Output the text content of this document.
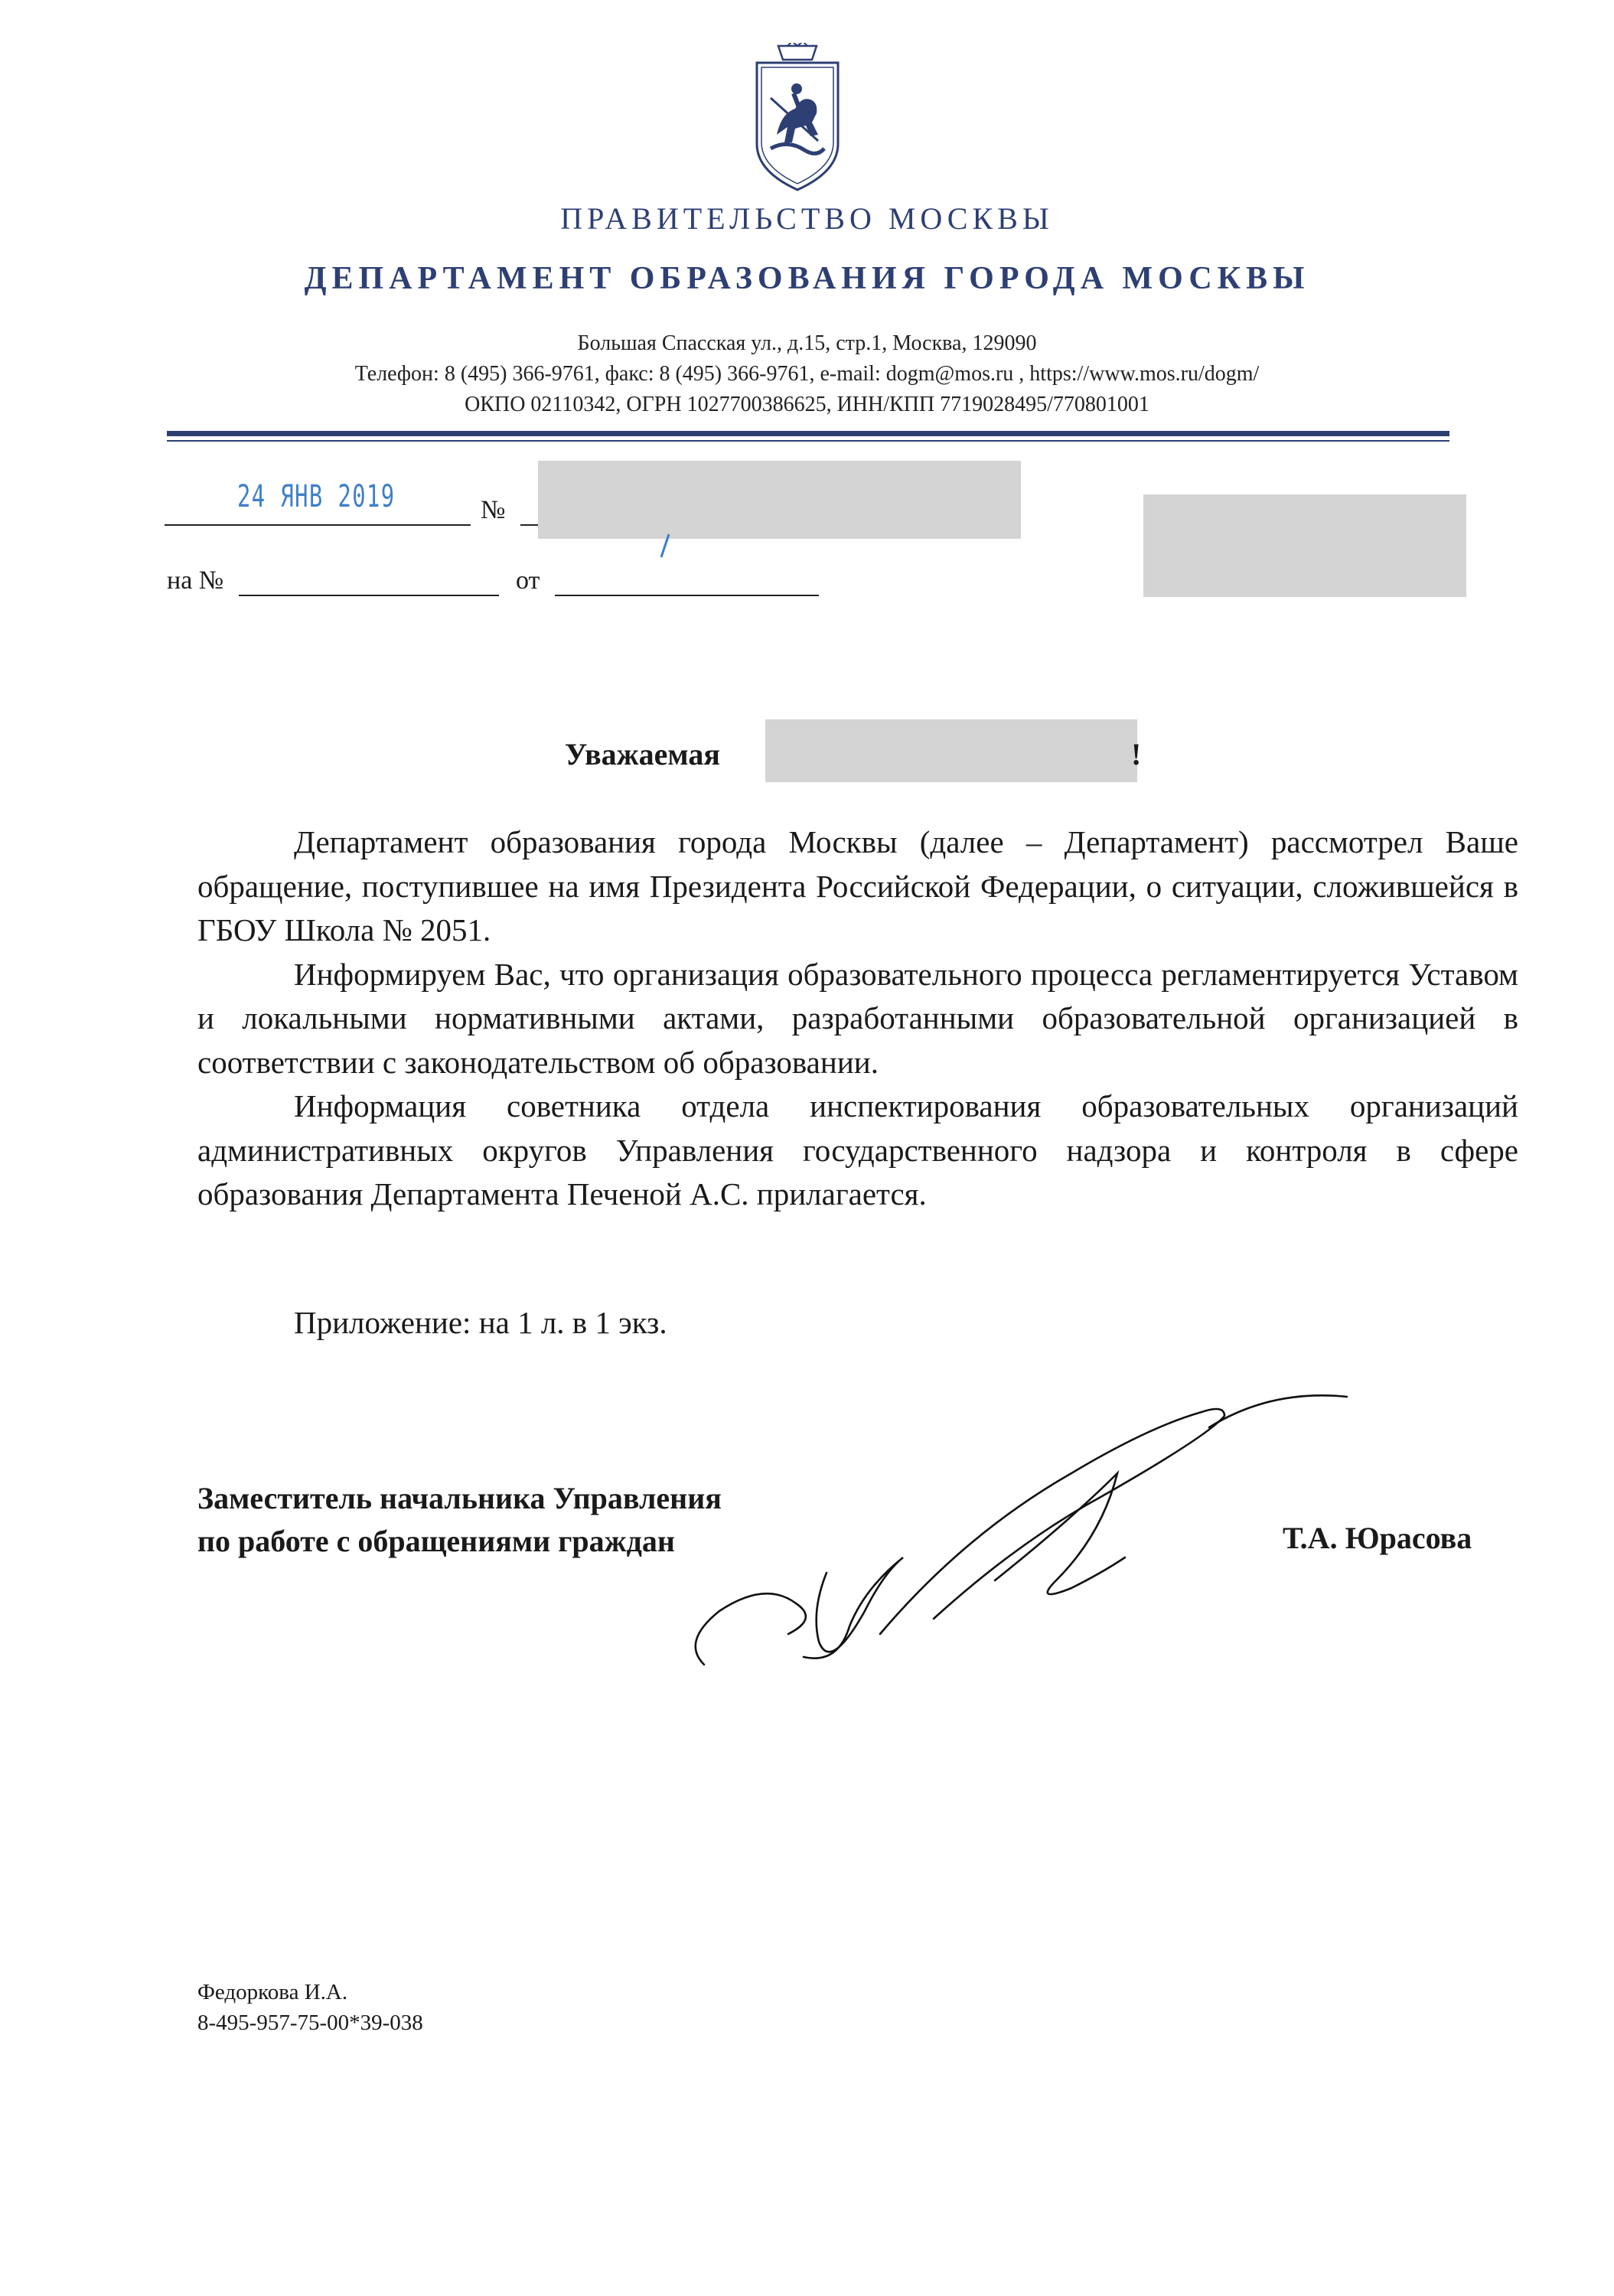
ПРАВИТЕЛЬСТВО МОСКВЫ
ДЕПАРТАМЕНТ ОБРАЗОВАНИЯ ГОРОДА МОСКВЫ
Большая Спасская ул., д.15, стр.1, Москва, 129090
Телефон: 8 (495) 366-9761, факс: 8 (495) 366-9761, e-mail: dogm@mos.ru , https://www.mos.ru/dogm/
ОКПО 02110342, ОГРН 1027700386625, ИНН/КПП 7719028495/770801001
24 ЯНВ 2019	№
на №	от
Уважаемая	!

Департамент образования города Москвы (далее – Департамент) рассмотрел Ваше обращение, поступившее на имя Президента Российской Федерации, о ситуации, сложившейся в ГБОУ Школа № 2051.

Информируем Вас, что организация образовательного процесса регламентируется Уставом и локальными нормативными актами, разработанными образовательной организацией в соответствии с законодательством об образовании.

Информация советника отдела инспектирования образовательных организаций административных округов Управления государственного надзора и контроля в сфере образования Департамента Печеной А.С. прилагается.

Приложение: на 1 л. в 1 экз.
Заместитель начальника Управления
по работе с обращениями граждан	Т.А. Юрасова
Федоркова И.А.
8-495-957-75-00*39-038
